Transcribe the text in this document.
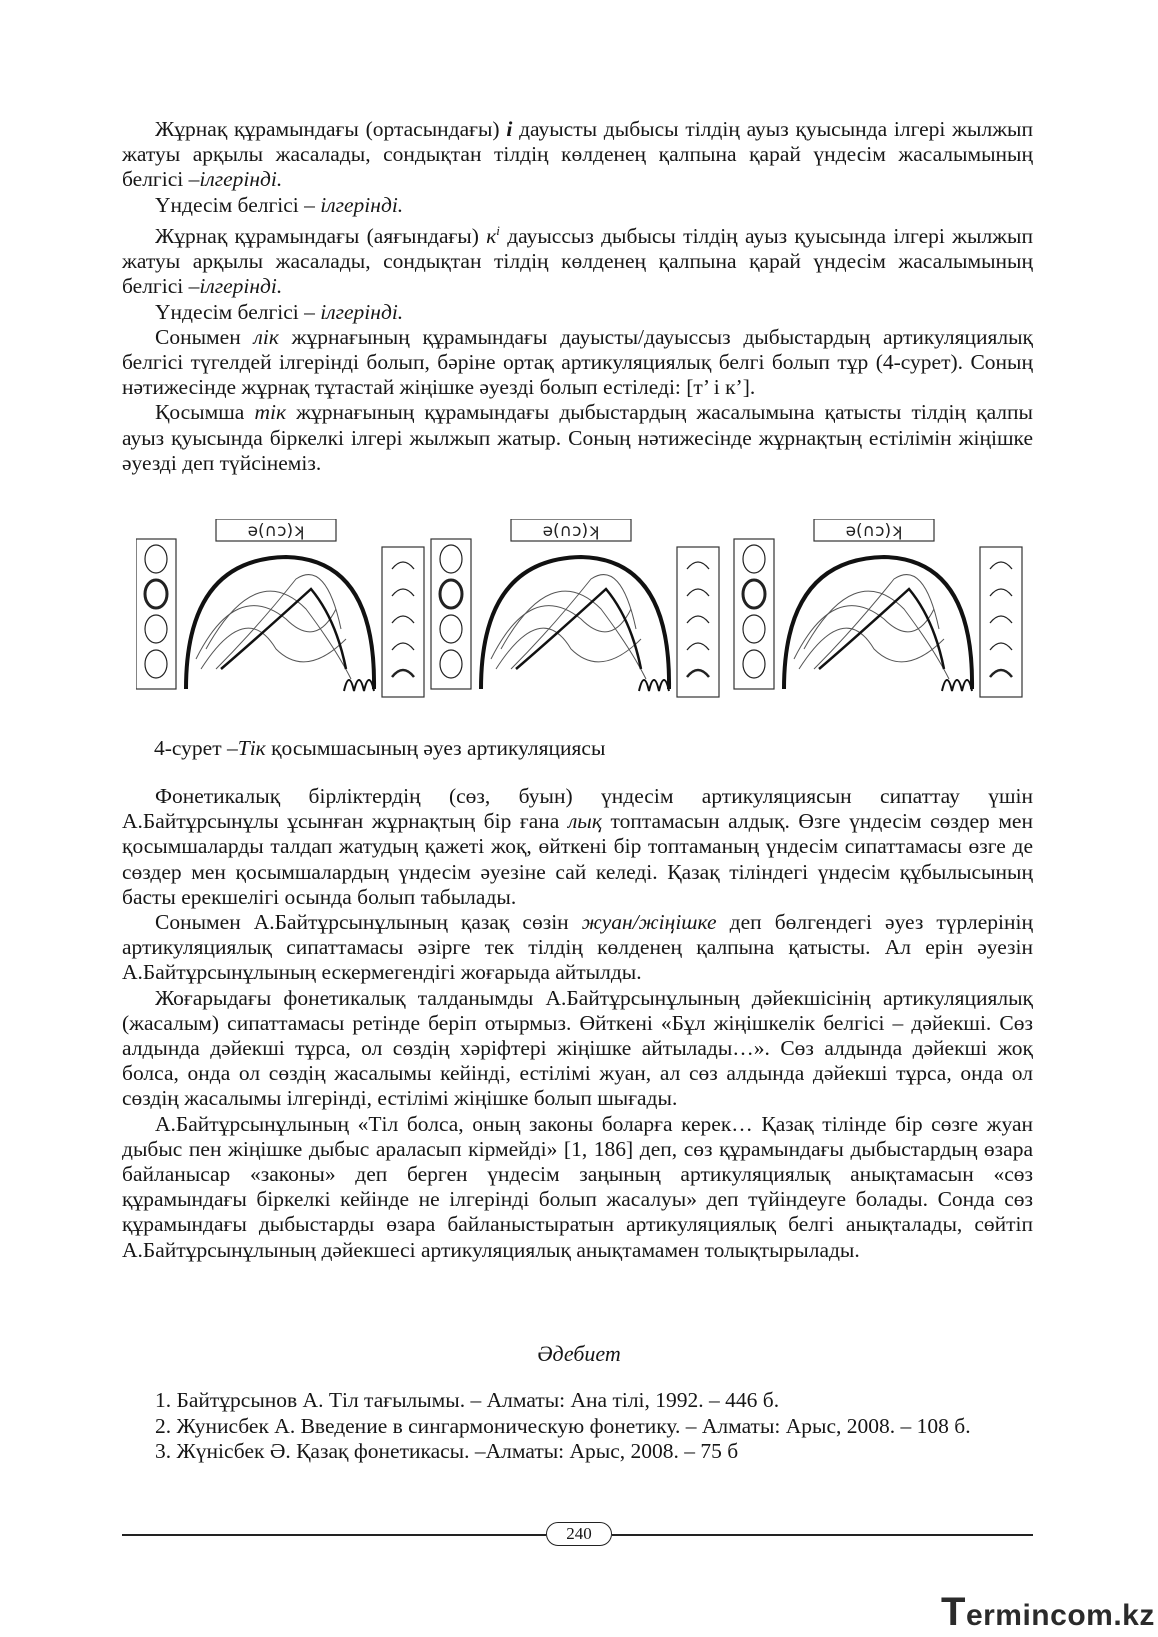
Жұрнақ құрамындағы (ортасындағы) і дауысты дыбысы тілдің ауыз қуысында ілгері жылжып жатуы арқылы жасалады, сондықтан тілдің көлденең қалпына қарай үндесім жасалымының белгісі –ілгерінді.

Үндесім белгісі – ілгерінді.

Жұрнақ құрамындағы (аяғындағы) $к^і$ дауыссыз дыбысы тілдің ауыз қуысында ілгері жылжып жатуы арқылы жасалады, сондықтан тілдің көлденең қалпына қарай үндесім жасалымының белгісі –ілгерінді.

Үндесім белгісі – ілгерінді.

Сонымен лік жұрнағының құрамындағы дауысты/дауыссыз дыбыстардың артикуляциялық белгісі түгелдей ілгерінді болып, бәріне ортақ артикуляциялық белгі болып тұр (4-сурет). Соның нәтижесінде жұрнақ тұтастай жіңішке әуезді болып естіледі: [т’ і к’].

Қосымша тік жұрнағының құрамындағы дыбыстардың жасалымына қатысты тілдің қалпы ауыз қуысында біркелкі ілгері жылжып жатыр. Соның нәтижесінде жұрнақтың естілімін жіңішке әуезді деп түйсінеміз.

ə(∩ɔ)ʞ	ə(∩ɔ)ʞ	ə(∩ɔ)ʞ
4-сурет –Тік қосымшасының әуез артикуляциясы

Фонетикалық бірліктердің (сөз, буын) үндесім артикуляциясын сипаттау үшін А.Байтұрсынұлы ұсынған жұрнақтың бір ғана лық топтамасын алдық. Өзге үндесім сөздер мен қосымшаларды талдап жатудың қажеті жоқ, өйткені бір топтаманың үндесім сипаттамасы өзге де сөздер мен қосымшалардың үндесім әуезіне сай келеді. Қазақ тіліндегі үндесім құбылысының басты ерекшелігі осында болып табылады.

Сонымен А.Байтұрсынұлының қазақ сөзін жуан/жіңішке деп бөлгендегі әуез түрлерінің артикуляциялық сипаттамасы әзірге тек тілдің көлденең қалпына қатысты. Ал ерін әуезін А.Байтұрсынұлының ескермегендігі жоғарыда айтылды.

Жоғарыдағы фонетикалық талданымды А.Байтұрсынұлының дәйекшісінің артикуляциялық (жасалым) сипаттамасы ретінде беріп отырмыз. Өйткені «Бұл жіңішкелік белгісі – дәйекші. Сөз алдында дәйекші тұрса, ол сөздің хәріфтері жіңішке айтылады…». Сөз алдында дәйекші жоқ болса, онда ол сөздің жасалымы кейінді, естілімі жуан, ал сөз алдында дәйекші тұрса, онда ол сөздің жасалымы ілгерінді, естілімі жіңішке болып шығады.

А.Байтұрсынұлының «Тіл болса, оның законы боларға керек… Қазақ тілінде бір сөзге жуан дыбыс пен жіңішке дыбыс араласып кірмейді» [1, 186] деп, сөз құрамындағы дыбыстардың өзара байланысар «законы» деп берген үндесім заңының артикуляциялық анықтамасын «сөз құрамындағы біркелкі кейінде не ілгерінді болып жасалуы» деп түйіндеуге болады. Сонда сөз құрамындағы дыбыстарды өзара байланыстыратын артикуляциялық белгі анықталады, сөйтіп А.Байтұрсынұлының дәйекшесі артикуляциялық анықтамамен толықтырылады.

Әдебиет

1. Байтұрсынов А. Тіл тағылымы. – Алматы: Ана тілі, 1992. – 446 б.

2. Жунисбек А. Введение в сингармоническую фонетику. – Алматы: Арыс, 2008. – 108 б.

3. Жүнісбек Ә. Қазақ фонетикасы. –Алматы: Арыс, 2008. – 75 б

240
Termincom.kz
